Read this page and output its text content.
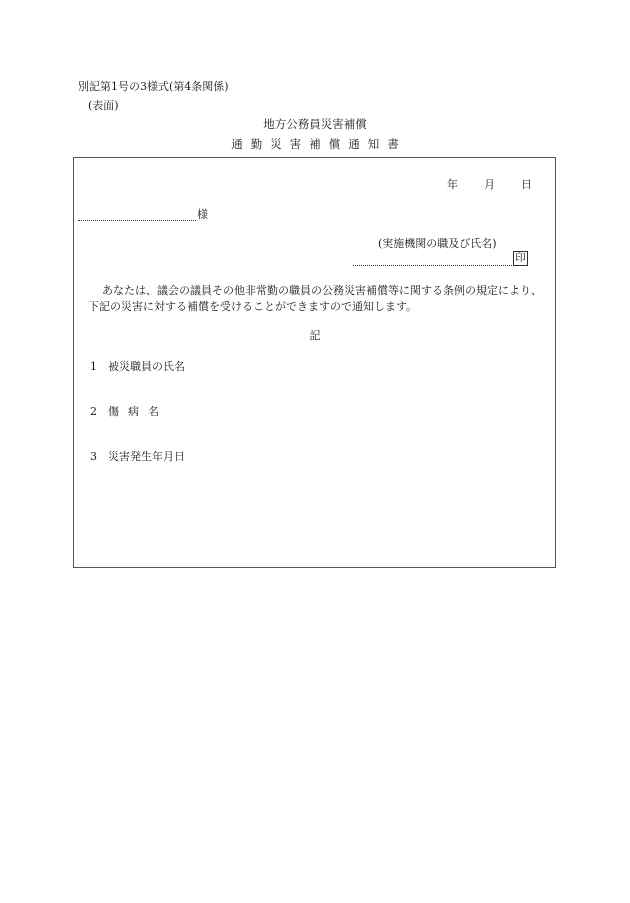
別記第1号の3様式(第4条関係)
(表面)
地方公務員災害補償
通勤災害補償通知書
年 月 日
様
(実施機関の職及び氏名)
印
あなたは、議会の議員その他非常勤の職員の公務災害補償等に関する条例の規定により、下記の災害に対する補償を受けることができますので通知します。
記
1 被災職員の氏名
2 傷病名
3 災害発生年月日
